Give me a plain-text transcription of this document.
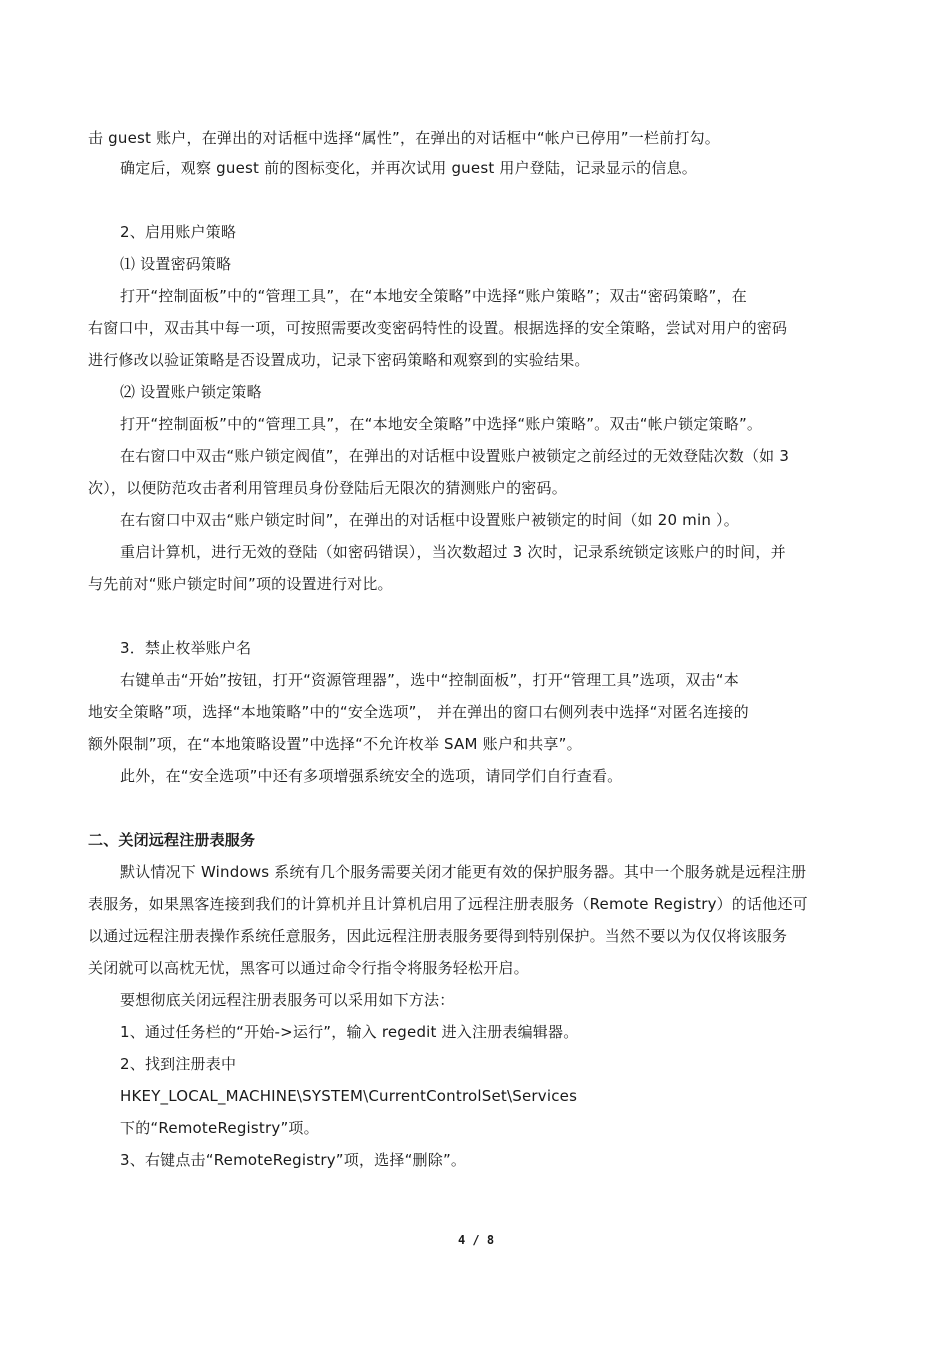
击 guest 账户，在弹出的对话框中选择“属性”，在弹出的对话框中“帐户已停用”一栏前打勾。
确定后，观察 guest 前的图标变化，并再次试用 guest 用户登陆，记录显示的信息。
2、启用账户策略
⑴ 设置密码策略
打开“控制面板”中的“管理工具”，在“本地安全策略”中选择“账户策略”；双击“密码策略”，在
右窗口中，双击其中每一项，可按照需要改变密码特性的设置。根据选择的安全策略，尝试对用户的密码
进行修改以验证策略是否设置成功，记录下密码策略和观察到的实验结果。
⑵ 设置账户锁定策略
打开“控制面板”中的“管理工具”，在“本地安全策略”中选择“账户策略”。双击“帐户锁定策略”。
在右窗口中双击“账户锁定阀值”，在弹出的对话框中设置账户被锁定之前经过的无效登陆次数（如 3
次），以便防范攻击者利用管理员身份登陆后无限次的猜测账户的密码。
在右窗口中双击“账户锁定时间”，在弹出的对话框中设置账户被锁定的时间（如 20 min ）。
重启计算机，进行无效的登陆（如密码错误），当次数超过 3 次时，记录系统锁定该账户的时间，并
与先前对“账户锁定时间”项的设置进行对比。
3．禁止枚举账户名
右键单击“开始”按钮，打开“资源管理器”，选中“控制面板”，打开“管理工具”选项，双击“本
地安全策略”项，选择“本地策略”中的“安全选项”， 并在弹出的窗口右侧列表中选择“对匿名连接的
额外限制”项，在“本地策略设置”中选择“不允许枚举 SAM 账户和共享”。
此外，在“安全选项”中还有多项增强系统安全的选项，请同学们自行查看。
二、关闭远程注册表服务
默认情况下 Windows 系统有几个服务需要关闭才能更有效的保护服务器。其中一个服务就是远程注册
表服务，如果黑客连接到我们的计算机并且计算机启用了远程注册表服务（Remote Registry）的话他还可
以通过远程注册表操作系统任意服务，因此远程注册表服务要得到特别保护。当然不要以为仅仅将该服务
关闭就可以高枕无忧，黑客可以通过命令行指令将服务轻松开启。
要想彻底关闭远程注册表服务可以采用如下方法：
1、通过任务栏的“开始->运行”，输入 regedit 进入注册表编辑器。
2、找到注册表中
HKEY_LOCAL_MACHINE\SYSTEM\CurrentControlSet\Services
下的“RemoteRegistry”项。
3、右键点击“RemoteRegistry”项，选择“删除”。
4 / 8
